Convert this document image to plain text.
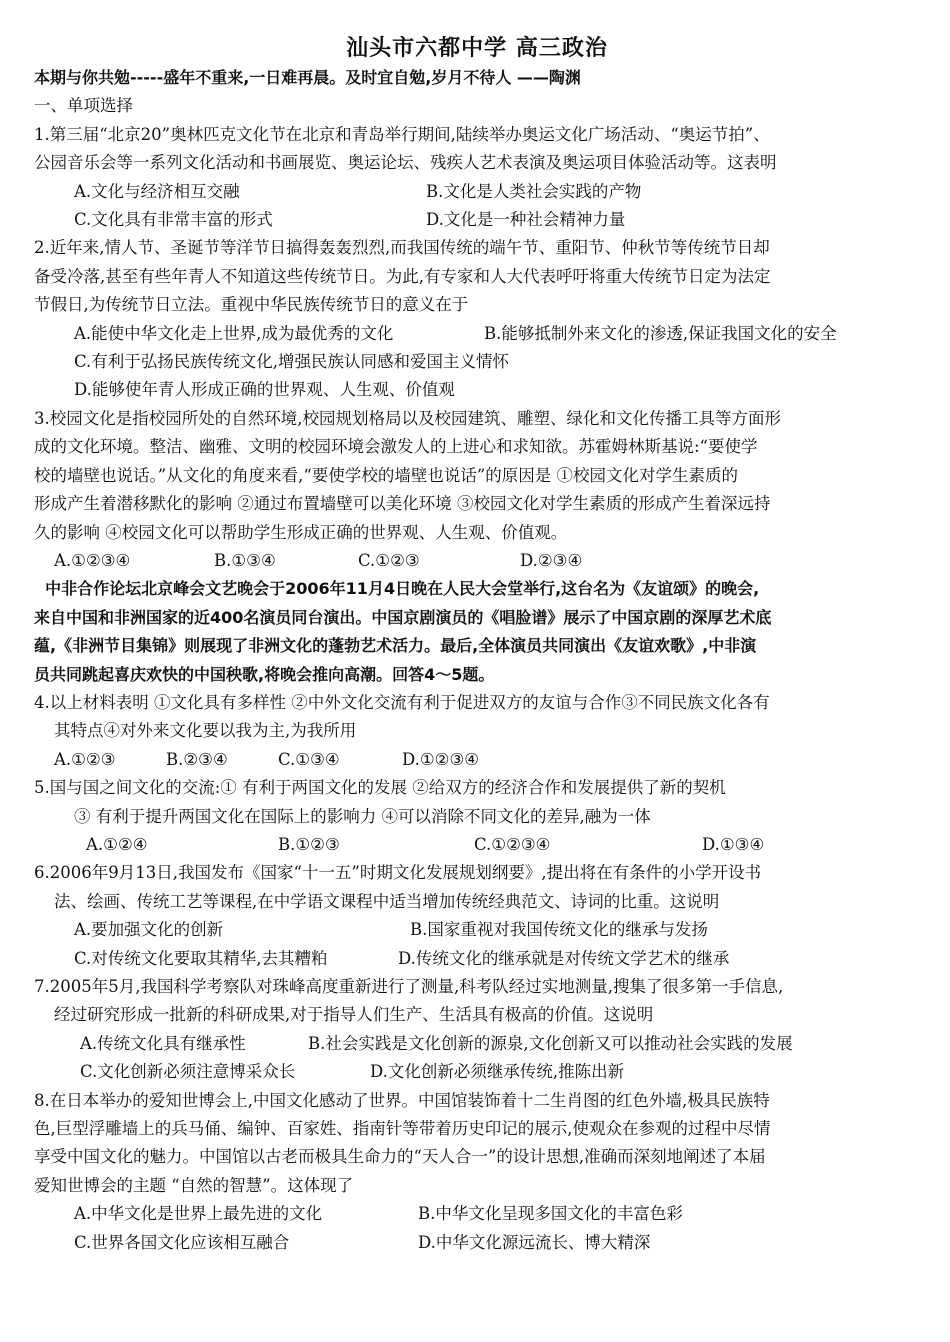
汕头市六都中学 高三政治
本期与你共勉-----盛年不重来,一日难再晨。及时宜自勉,岁月不待人 ——陶渊
一、单项选择
1.第三届“北京20”奥林匹克文化节在北京和青岛举行期间,陆续举办奥运文化广场活动、“奥运节拍”、
公园音乐会等一系列文化活动和书画展览、奥运论坛、残疾人艺术表演及奥运项目体验活动等。这表明
A.文化与经济相互交融	B.文化是人类社会实践的产物
C.文化具有非常丰富的形式	D.文化是一种社会精神力量
2.近年来,情人节、圣诞节等洋节日搞得轰轰烈烈,而我国传统的端午节、重阳节、仲秋节等传统节日却
备受冷落,甚至有些年青人不知道这些传统节日。为此,有专家和人大代表呼吁将重大传统节日定为法定
节假日,为传统节日立法。重视中华民族传统节日的意义在于
A.能使中华文化走上世界,成为最优秀的文化	B.能够抵制外来文化的渗透,保证我国文化的安全
C.有利于弘扬民族传统文化,增强民族认同感和爱国主义情怀
D.能够使年青人形成正确的世界观、人生观、价值观
3.校园文化是指校园所处的自然环境,校园规划格局以及校园建筑、雕塑、绿化和文化传播工具等方面形
成的文化环境。整洁、幽雅、文明的校园环境会激发人的上进心和求知欲。苏霍姆林斯基说:“要使学
校的墙壁也说话。”从文化的角度来看,“要使学校的墙壁也说话”的原因是 ①校园文化对学生素质的
形成产生着潜移默化的影响 ②通过布置墙壁可以美化环境 ③校园文化对学生素质的形成产生着深远持
久的影响 ④校园文化可以帮助学生形成正确的世界观、人生观、价值观。
A.①②③④	B.①③④	C.①②③	D.②③④
中非合作论坛北京峰会文艺晚会于2006年11月4日晚在人民大会堂举行,这台名为《友谊颂》的晚会,
来自中国和非洲国家的近400名演员同台演出。中国京剧演员的《唱脸谱》展示了中国京剧的深厚艺术底
蕴,《非洲节目集锦》则展现了非洲文化的蓬勃艺术活力。最后,全体演员共同演出《友谊欢歌》,中非演
员共同跳起喜庆欢快的中国秧歌,将晚会推向高潮。回答4～5题。
4.以上材料表明 ①文化具有多样性 ②中外文化交流有利于促进双方的友谊与合作③不同民族文化各有
其特点④对外来文化要以我为主,为我所用
A.①②③	B.②③④	C.①③④	D.①②③④
5.国与国之间文化的交流:① 有利于两国文化的发展 ②给双方的经济合作和发展提供了新的契机
③ 有利于提升两国文化在国际上的影响力 ④可以消除不同文化的差异,融为一体
A.①②④	B.①②③	C.①②③④	D.①③④
6.2006年9月13日,我国发布《国家“十一五”时期文化发展规划纲要》,提出将在有条件的小学开设书
法、绘画、传统工艺等课程,在中学语文课程中适当增加传统经典范文、诗词的比重。这说明
A.要加强文化的创新	B.国家重视对我国传统文化的继承与发扬
C.对传统文化要取其精华,去其糟粕	D.传统文化的继承就是对传统文学艺术的继承
7.2005年5月,我国科学考察队对珠峰高度重新进行了测量,科考队经过实地测量,搜集了很多第一手信息,
经过研究形成一批新的科研成果,对于指导人们生产、生活具有极高的价值。这说明
A.传统文化具有继承性	B.社会实践是文化创新的源泉,文化创新又可以推动社会实践的发展
C.文化创新必须注意博采众长	D.文化创新必须继承传统,推陈出新
8.在日本举办的爱知世博会上,中国文化感动了世界。中国馆装饰着十二生肖图的红色外墙,极具民族特
色,巨型浮雕墙上的兵马俑、编钟、百家姓、指南针等带着历史印记的展示,使观众在参观的过程中尽情
享受中国文化的魅力。中国馆以古老而极具生命力的“天人合一”的设计思想,准确而深刻地阐述了本届
爱知世博会的主题 “自然的智慧”。这体现了
A.中华文化是世界上最先进的文化	B.中华文化呈现多国文化的丰富色彩
C.世界各国文化应该相互融合	D.中华文化源远流长、博大精深
